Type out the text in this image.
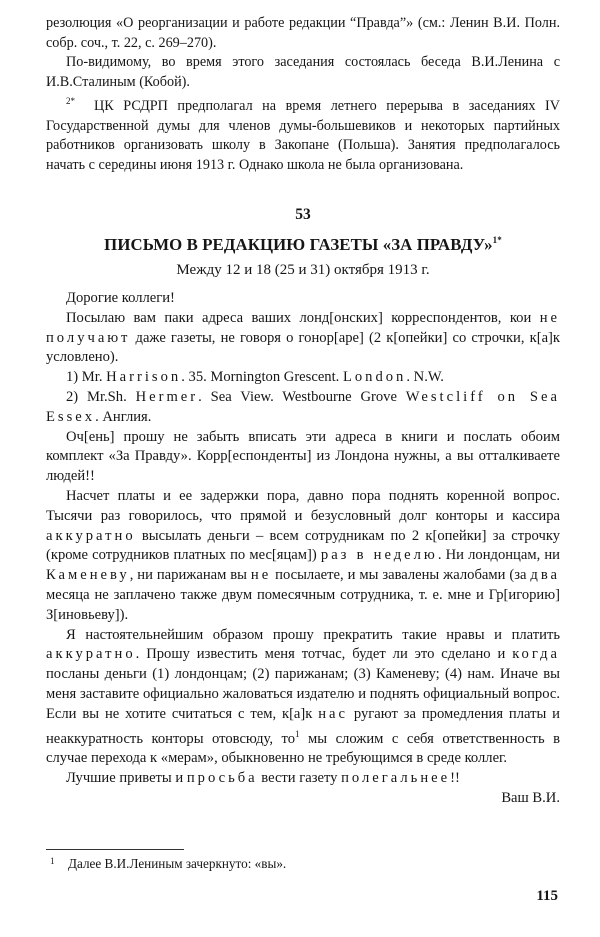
резолюция «О реорганизации и работе редакции “Правда”» (см.: Ленин В.И. Полн. собр. соч., т. 22, с. 269–270).

По-видимому, во время этого заседания состоялась беседа В.И.Ленина с И.В.Сталиным (Кобой).

$^{2*}$ ЦК РСДРП предполагал на время летнего перерыва в заседаниях IV Государственной думы для членов думы-большевиков и некоторых партийных работников организовать школу в Закопане (Польша). Занятия предполагалось начать с середины июня 1913 г. Однако школа не была организована.

53
ПИСЬМО В РЕДАКЦИЮ ГАЗЕТЫ «ЗА ПРАВДУ»$^{1*}$
Между 12 и 18 (25 и 31) октября 1913 г.

Дорогие коллеги!

Посылаю вам паки адреса ваших лонд[онских] корреспондентов, кои не получают даже газеты, не говоря о гонор[аре] (2 к[опейки] со строчки, к[а]к условлено).

1) Mr. Harrison. 35. Mornington Grescent. London. N.W.

2) Mr.Sh. Hermer. Sea View. Westbourne Grove Westcliff on Sea Essex. Англия.

Оч[ень] прошу не забыть вписать эти адреса в книги и послать обоим комплект «За Правду». Корр[еспонденты] из Лондона нужны, а вы отталкиваете людей!!

Насчет платы и ее задержки пора, давно пора поднять коренной вопрос. Тысячи раз говорилось, что прямой и безусловный долг конторы и кассира аккуратно высылать деньги – всем сотрудникам по 2 к[опейки] за строчку (кроме сотрудников платных по мес[яцам]) раз в неделю. Ни лондонцам, ни Каменеву, ни парижанам вы не посылаете, и мы завалены жалобами (за два месяца не заплачено также двум помесячным сотрудника, т. е. мне и Гр[игорию] З[иновьеву]).

Я настоятельнейшим образом прошу прекратить такие нравы и платить аккуратно. Прошу известить меня тотчас, будет ли это сделано и когда посланы деньги (1) лондонцам; (2) парижанам; (3) Каменеву; (4) нам. Иначе вы меня заставите официально жаловаться издателю и поднять официальный вопрос. Если вы не хотите считаться с тем, к[а]к нас ругают за промедления платы и неаккуратность конторы отовсюду, $то^1$ мы сложим с себя ответственность в случае перехода к «мерам», обыкновенно не требующимся в среде коллег.

Лучшие приветы и просьба вести газету полегальнее!!

Ваш В.И.

1 Далее В.И.Лениным зачеркнуто: «вы».

115
